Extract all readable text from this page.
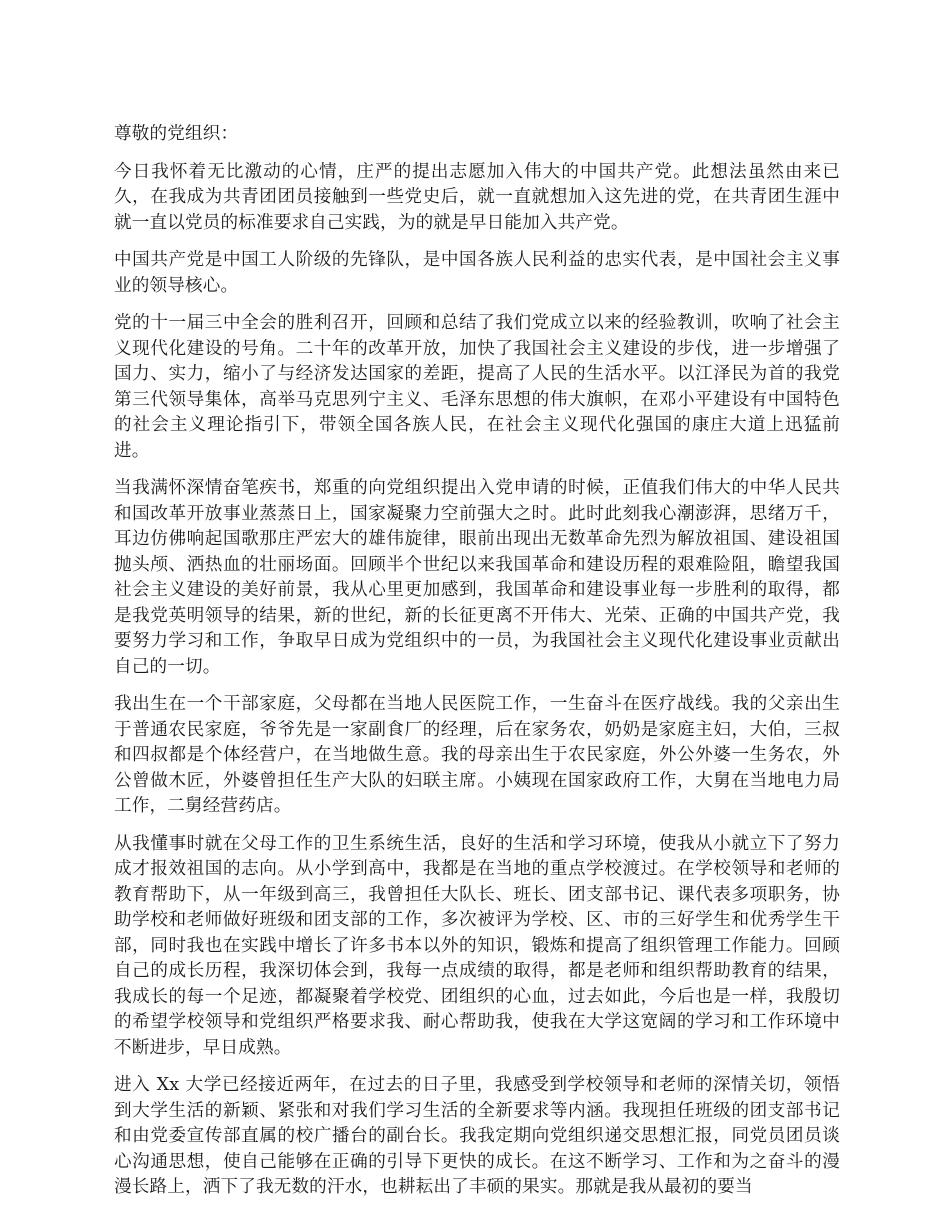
尊敬的党组织：

今日我怀着无比激动的心情，庄严的提出志愿加入伟大的中国共产党。此想法虽然由来已久，在我成为共青团团员接触到一些党史后，就一直就想加入这先进的党，在共青团生涯中就一直以党员的标准要求自己实践，为的就是早日能加入共产党。

中国共产党是中国工人阶级的先锋队，是中国各族人民利益的忠实代表，是中国社会主义事业的领导核心。

党的十一届三中全会的胜利召开，回顾和总结了我们党成立以来的经验教训，吹响了社会主义现代化建设的号角。二十年的改革开放，加快了我国社会主义建设的步伐，进一步增强了国力、实力，缩小了与经济发达国家的差距，提高了人民的生活水平。以江泽民为首的我党第三代领导集体，高举马克思列宁主义、毛泽东思想的伟大旗帜，在邓小平建设有中国特色的社会主义理论指引下，带领全国各族人民，在社会主义现代化强国的康庄大道上迅猛前进。

当我满怀深情奋笔疾书，郑重的向党组织提出入党申请的时候，正值我们伟大的中华人民共和国改革开放事业蒸蒸日上，国家凝聚力空前强大之时。此时此刻我心潮澎湃，思绪万千，耳边仿佛响起国歌那庄严宏大的雄伟旋律，眼前出现出无数革命先烈为解放祖国、建设祖国抛头颅、洒热血的壮丽场面。回顾半个世纪以来我国革命和建设历程的艰难险阻，瞻望我国社会主义建设的美好前景，我从心里更加感到，我国革命和建设事业每一步胜利的取得，都是我党英明领导的结果，新的世纪，新的长征更离不开伟大、光荣、正确的中国共产党，我要努力学习和工作，争取早日成为党组织中的一员，为我国社会主义现代化建设事业贡献出自己的一切。

我出生在一个干部家庭，父母都在当地人民医院工作，一生奋斗在医疗战线。我的父亲出生于普通农民家庭，爷爷先是一家副食厂的经理，后在家务农，奶奶是家庭主妇，大伯，三叔和四叔都是个体经营户，在当地做生意。我的母亲出生于农民家庭，外公外婆一生务农，外公曾做木匠，外婆曾担任生产大队的妇联主席。小姨现在国家政府工作，大舅在当地电力局工作，二舅经营药店。

从我懂事时就在父母工作的卫生系统生活，良好的生活和学习环境，使我从小就立下了努力成才报效祖国的志向。从小学到高中，我都是在当地的重点学校渡过。在学校领导和老师的教育帮助下，从一年级到高三，我曾担任大队长、班长、团支部书记、课代表多项职务，协助学校和老师做好班级和团支部的工作，多次被评为学校、区、市的三好学生和优秀学生干部，同时我也在实践中增长了许多书本以外的知识，锻炼和提高了组织管理工作能力。回顾自己的成长历程，我深切体会到，我每一点成绩的取得，都是老师和组织帮助教育的结果，我成长的每一个足迹，都凝聚着学校党、团组织的心血，过去如此，今后也是一样，我殷切的希望学校领导和党组织严格要求我、耐心帮助我，使我在大学这宽阔的学习和工作环境中不断进步，早日成熟。

进入 Xx 大学已经接近两年，在过去的日子里，我感受到学校领导和老师的深情关切，领悟到大学生活的新颖、紧张和对我们学习生活的全新要求等内涵。我现担任班级的团支部书记和由党委宣传部直属的校广播台的副台长。我我定期向党组织递交思想汇报，同党员团员谈心沟通思想，使自己能够在正确的引导下更快的成长。在这不断学习、工作和为之奋斗的漫漫长路上，洒下了我无数的汗水，也耕耘出了丰硕的果实。那就是我从最初的要当
